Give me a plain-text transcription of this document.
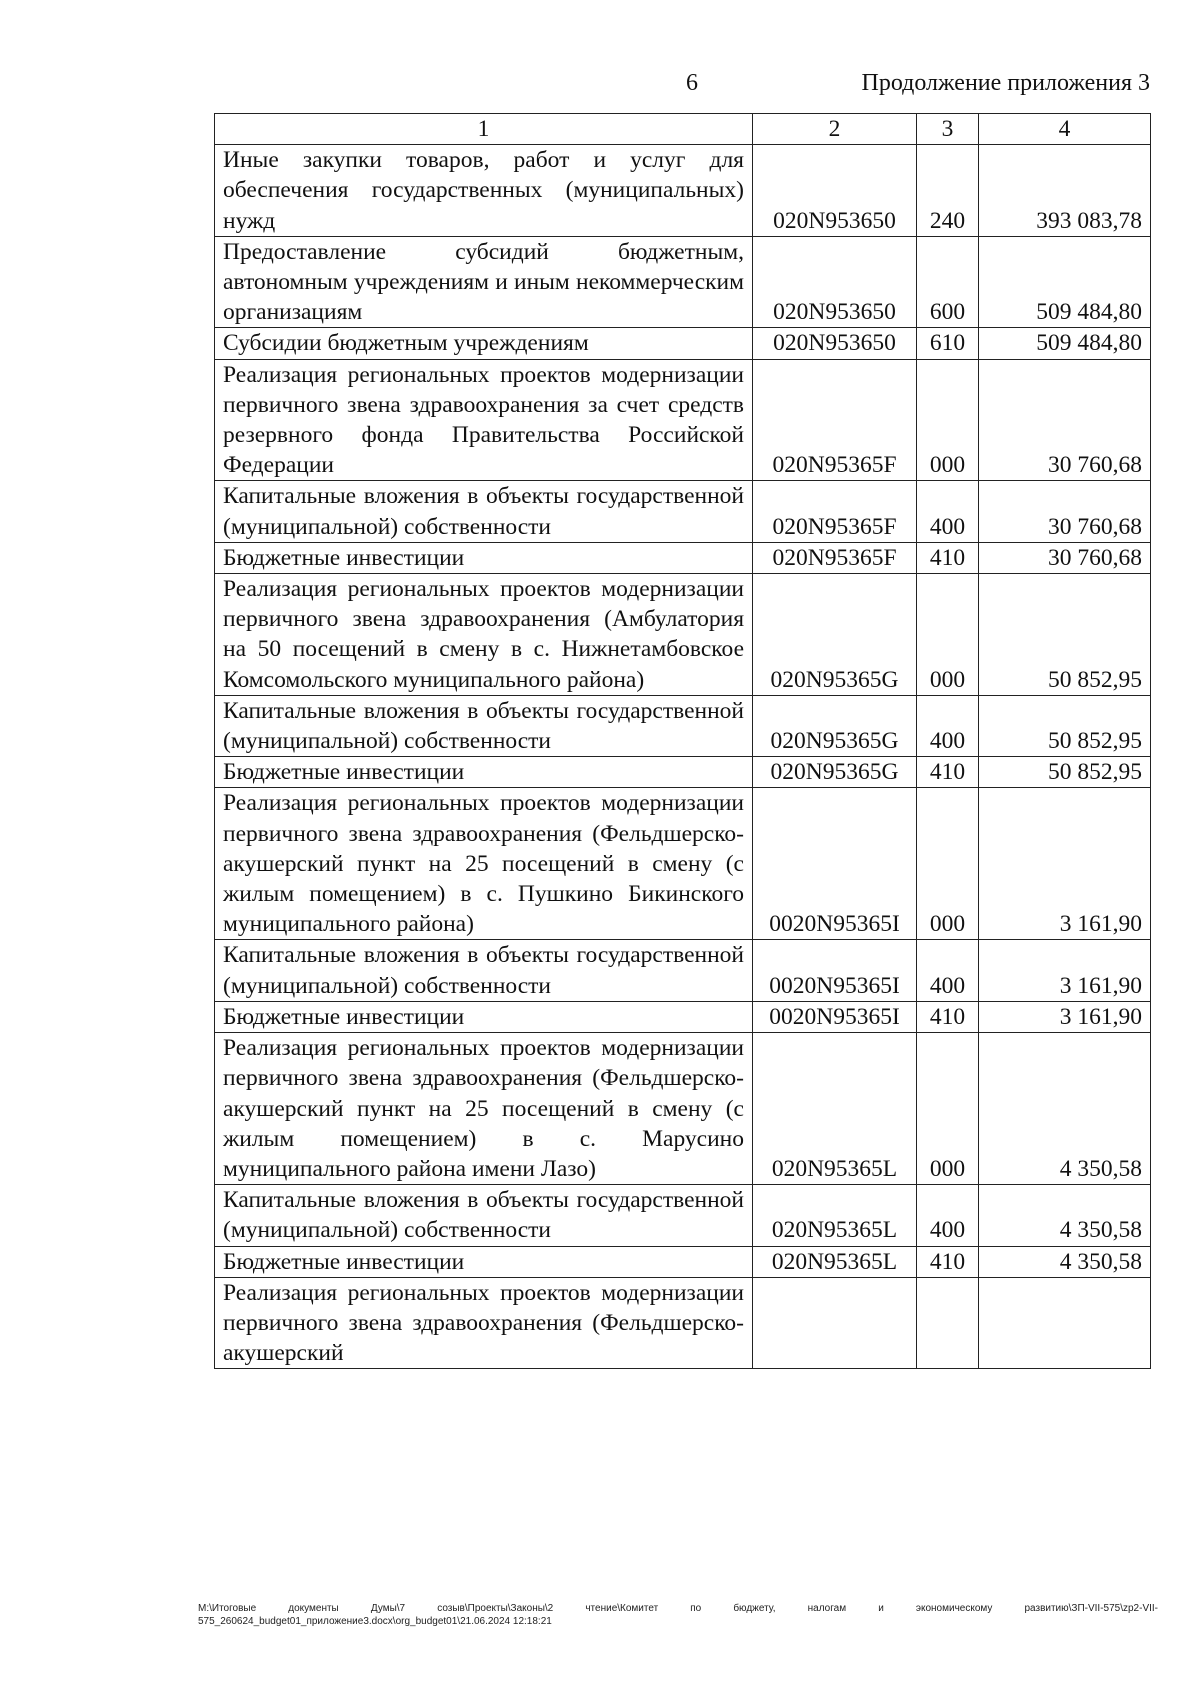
6	Продолжение приложения 3
1	2	3	4
Иные закупки товаров, работ и услуг для обеспечения государственных (муниципальных) нужд	020N953650	240	393 083,78
Предоставление субсидий бюджетным, автономным учреждениям и иным некоммерческим организациям	020N953650	600	509 484,80
Субсидии бюджетным учреждениям	020N953650	610	509 484,80
Реализация региональных проектов модернизации первичного звена здравоохранения за счет средств резервного фонда Правительства Российской Федерации	020N95365F	000	30 760,68
Капитальные вложения в объекты государственной (муниципальной) собственности	020N95365F	400	30 760,68
Бюджетные инвестиции	020N95365F	410	30 760,68
Реализация региональных проектов модернизации первичного звена здравоохранения (Амбулатория на 50 посещений в смену в с. Нижнетамбовское Комсомольского муниципального района)	020N95365G	000	50 852,95
Капитальные вложения в объекты государственной (муниципальной) собственности	020N95365G	400	50 852,95
Бюджетные инвестиции	020N95365G	410	50 852,95
Реализация региональных проектов модернизации первичного звена здравоохранения (Фельдшерско-акушерский пункт на 25 посещений в смену (с жилым помещением) в с. Пушкино Бикинского муниципального района)	0020N95365I	000	3 161,90
Капитальные вложения в объекты государственной (муниципальной) собственности	0020N95365I	400	3 161,90
Бюджетные инвестиции	0020N95365I	410	3 161,90
Реализация региональных проектов модернизации первичного звена здравоохранения (Фельдшерско-акушерский пункт на 25 посещений в смену (с жилым помещением) в с. Марусино муниципального района имени Лазо)	020N95365L	000	4 350,58
Капитальные вложения в объекты государственной (муниципальной) собственности	020N95365L	400	4 350,58
Бюджетные инвестиции	020N95365L	410	4 350,58
Реализация региональных проектов модернизации первичного звена здравоохранения (Фельдшерско-акушерский			
М:\Итоговые документы Думы\7 созыв\Проекты\Законы\2 чтение\Комитет по бюджету, налогам и экономическому развитию\ЗП-VII-575\zp2-VII-575_260624_budget01_приложение3.docx\org_budget01\21.06.2024 12:18:21
